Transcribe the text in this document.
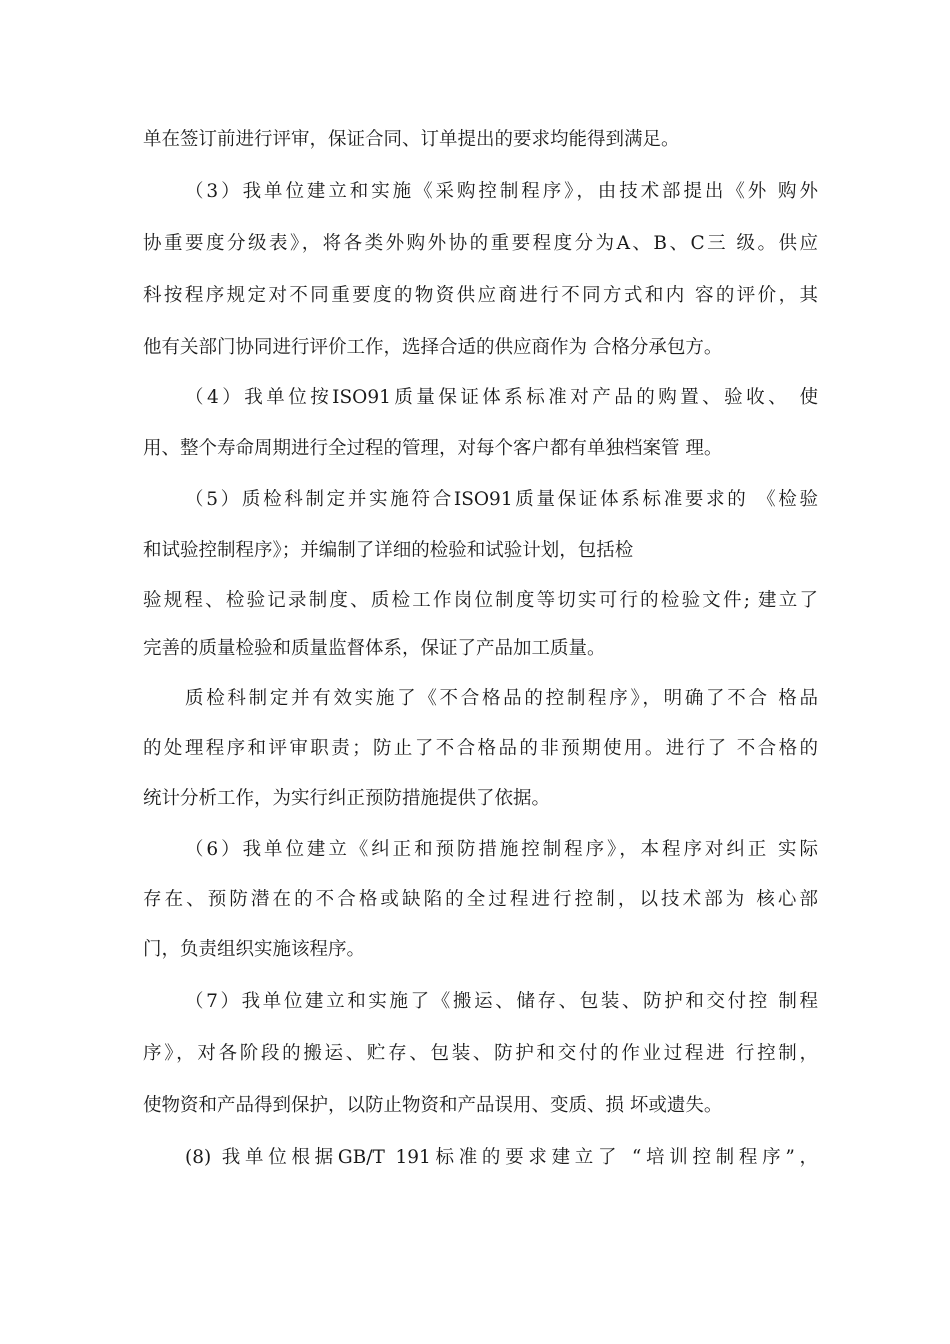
单在签订前进行评审，保证合同、订单提出的要求均能得到满足。
（3）我单位建立和实施《采购控制程序》，由技术部提出《外 购外
协重要度分级表》，将各类外购外协的重要程度分为A、B、C三 级。供应
科按程序规定对不同重要度的物资供应商进行不同方式和内 容的评价，其
他有关部门协同进行评价工作，选择合适的供应商作为 合格分承包方。
（4）我单位按ISO91质量保证体系标准对产品的购置、验收、 使
用、整个寿命周期进行全过程的管理，对每个客户都有单独档案管 理。
（5）质检科制定并实施符合ISO91质量保证体系标准要求的 《检验
和试验控制程序》；并编制了详细的检验和试验计划，包括检
验规程、检验记录制度、质检工作岗位制度等切实可行的检验文件; 建立了
完善的质量检验和质量监督体系，保证了产品加工质量。
质检科制定并有效实施了《不合格品的控制程序》，明确了不合 格品
的处理程序和评审职责；防止了不合格品的非预期使用。进行了 不合格的
统计分析工作，为实行纠正预防措施提供了依据。
（6）我单位建立《纠正和预防措施控制程序》，本程序对纠正 实际
存在、预防潜在的不合格或缺陷的全过程进行控制，以技术部为 核心部
门，负责组织实施该程序。
（7）我单位建立和实施了《搬运、储存、包装、防护和交付控 制程
序》，对各阶段的搬运、贮存、包装、防护和交付的作业过程进 行控制，
使物资和产品得到保护，以防止物资和产品误用、变质、损 坏或遗失。
(8) 我单位根据GB/T 191标准的要求建立了 “培训控制程序”，
